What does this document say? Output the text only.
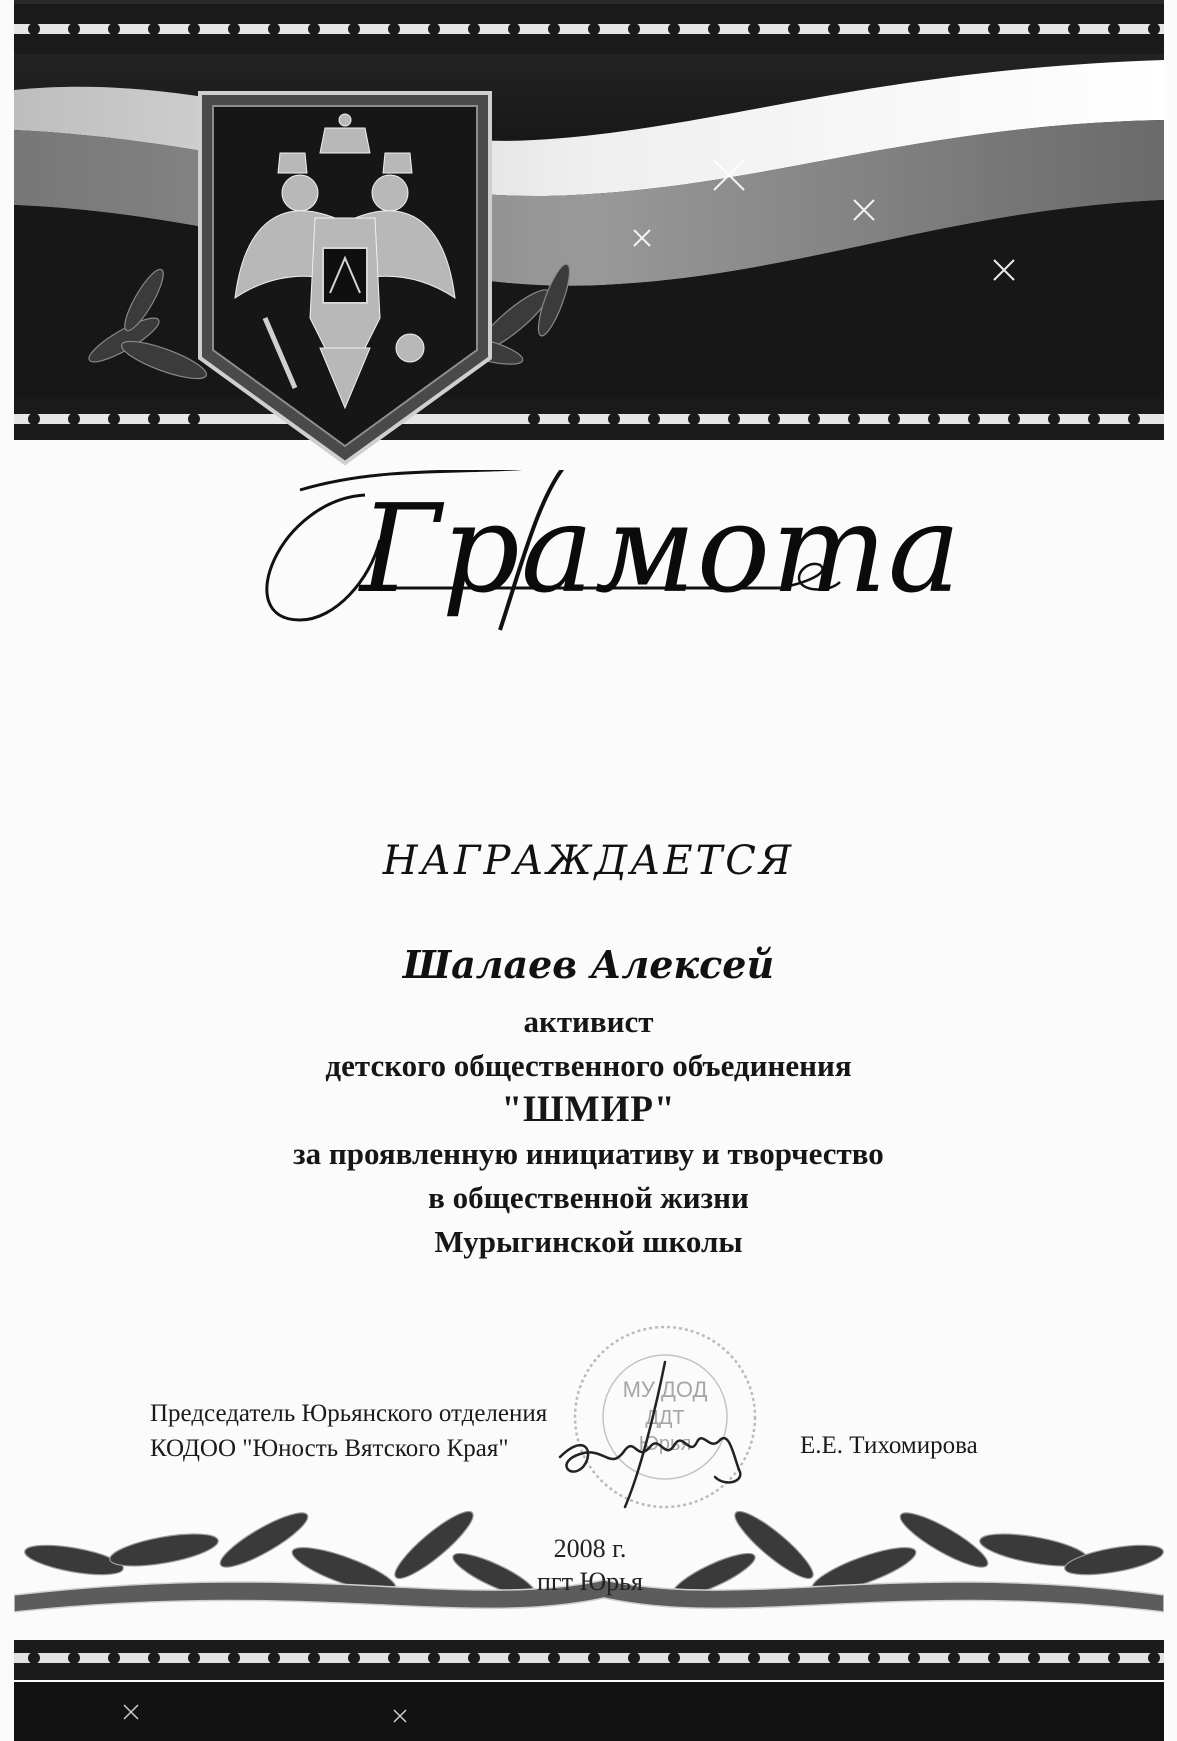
Грамота
НАГРАЖДАЕТСЯ
Шалаев Алексей
активист
детского общественного объединения
"ШМИР"
за проявленную инициативу и творчество
в общественной жизни
Мурыгинской школы
МУ ДОД
ДДТ
Юрья
Председатель Юрьянского отделения
КОДОО "Юность Вятского Края"	Е.Е. Тихомирова
2008 г.
пгт Юрья
